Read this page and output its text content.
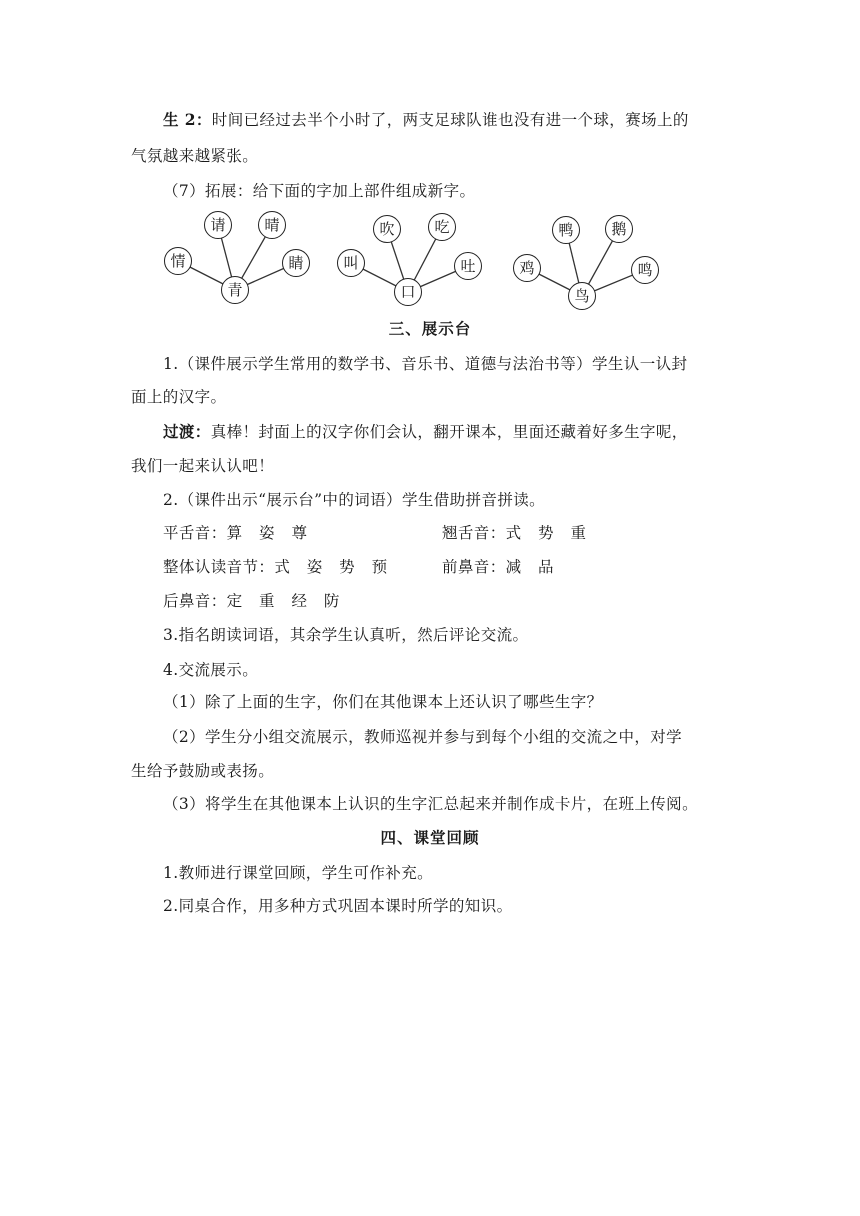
生 2：时间已经过去半个小时了，两支足球队谁也没有进一个球，赛场上的
气氛越来越紧张。
（7）拓展：给下面的字加上部件组成新字。
青
情
请	晴
睛
口
叫
吹	吃
吐
鸟
鸡
鸭	鹅
鸣
三、展示台
1.（课件展示学生常用的数学书、音乐书、道德与法治书等）学生认一认封
面上的汉字。
过渡：真棒！封面上的汉字你们会认，翻开课本，里面还藏着好多生字呢，
我们一起来认认吧！
2.（课件出示“展示台”中的词语）学生借助拼音拼读。
平舌音：算 姿 尊	翘舌音：式 势 重
整体认读音节：式 姿 势 预	前鼻音：减 品
后鼻音：定 重 经 防
3.指名朗读词语，其余学生认真听，然后评论交流。
4.交流展示。
（1）除了上面的生字，你们在其他课本上还认识了哪些生字？
（2）学生分小组交流展示，教师巡视并参与到每个小组的交流之中，对学
生给予鼓励或表扬。
（3）将学生在其他课本上认识的生字汇总起来并制作成卡片，在班上传阅。
四、课堂回顾
1.教师进行课堂回顾，学生可作补充。
2.同桌合作，用多种方式巩固本课时所学的知识。
